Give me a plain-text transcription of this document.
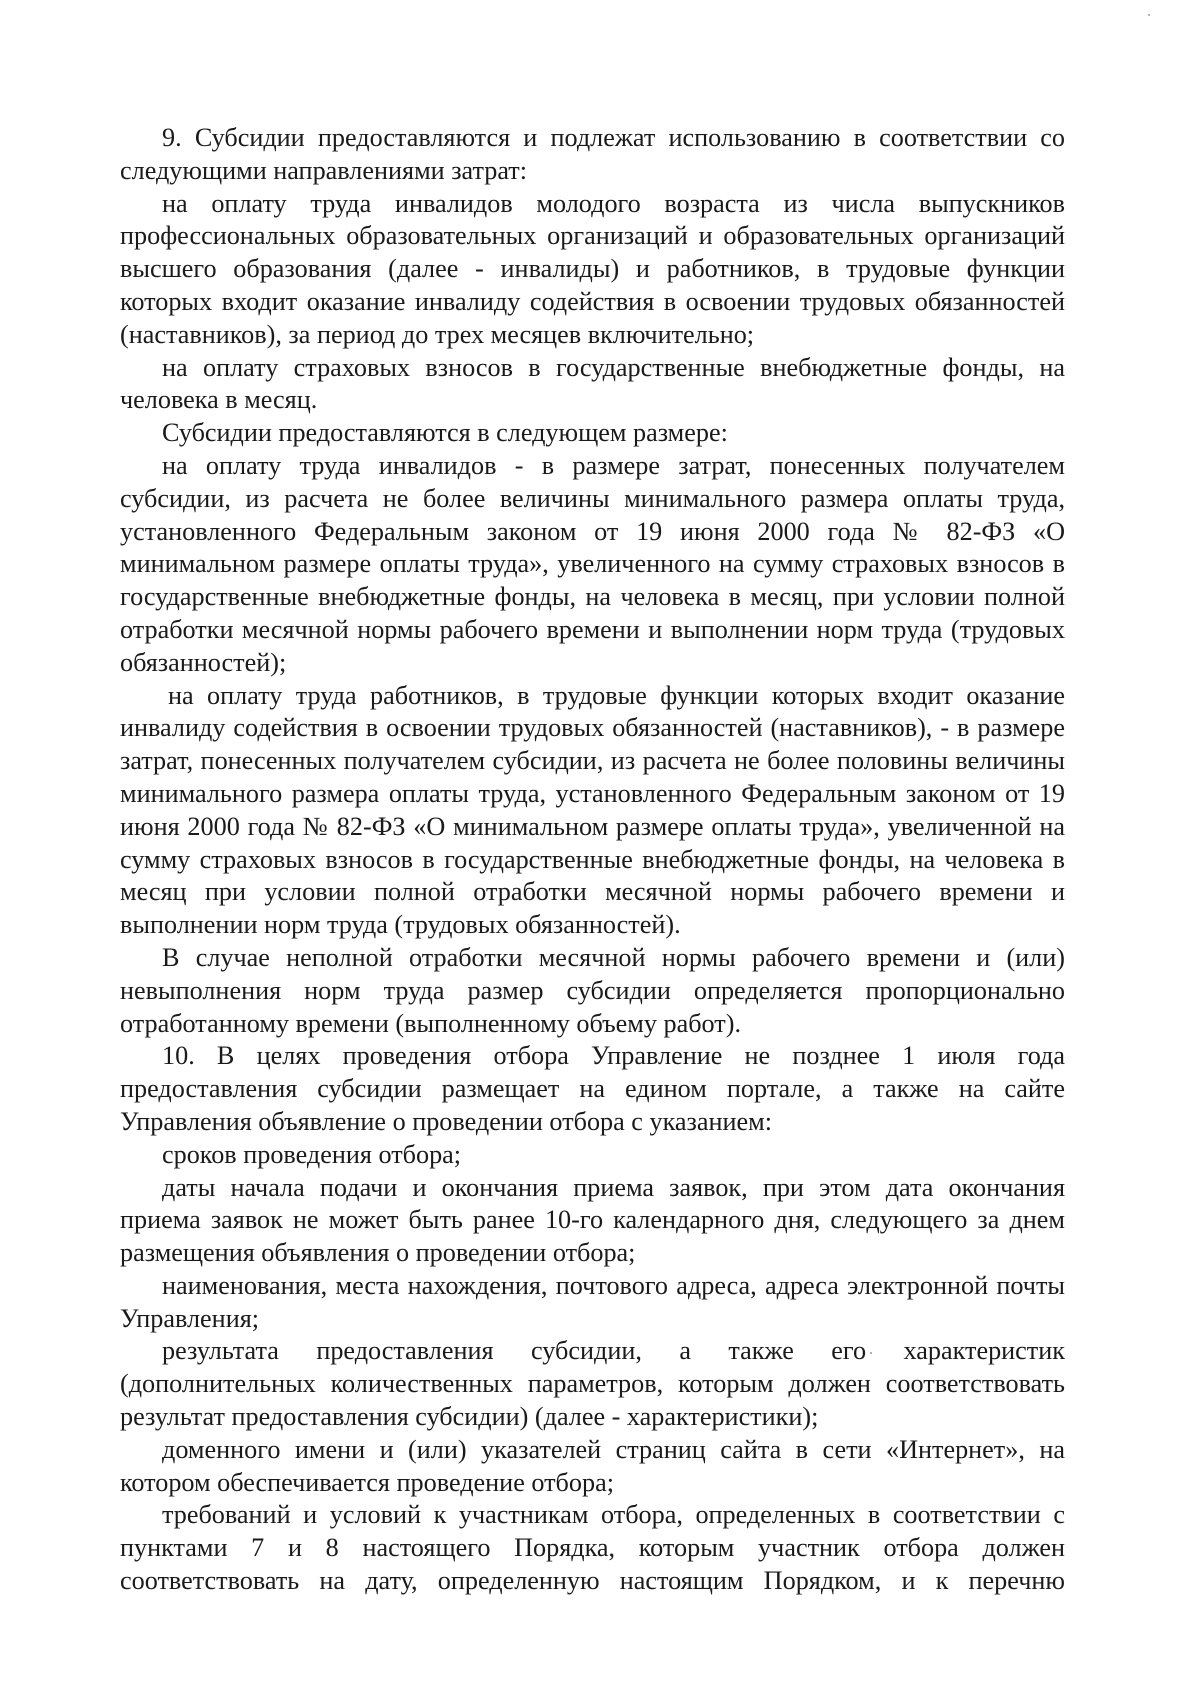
9. Субсидии предоставляются и подлежат использованию в соответствии со следующими направлениями затрат:

на оплату труда инвалидов молодого возраста из числа выпускников профессиональных образовательных организаций и образовательных организаций высшего образования (далее - инвалиды) и работников, в трудовые функции которых входит оказание инвалиду содействия в освоении трудовых обязанностей (наставников), за период до трех месяцев включительно;

на оплату страховых взносов в государственные внебюджетные фонды, на человека в месяц.

Субсидии предоставляются в следующем размере:

на оплату труда инвалидов - в размере затрат, понесенных получателем субсидии, из расчета не более величины минимального размера оплаты труда, установленного Федеральным законом от 19 июня 2000 года № 82-ФЗ «О минимальном размере оплаты труда», увеличенного на сумму страховых взносов в государственные внебюджетные фонды, на человека в месяц, при условии полной отработки месячной нормы рабочего времени и выполнении норм труда (трудовых обязанностей);

на оплату труда работников, в трудовые функции которых входит оказание инвалиду содействия в освоении трудовых обязанностей (наставников), - в размере затрат, понесенных получателем субсидии, из расчета не более половины величины минимального размера оплаты труда, установленного Федеральным законом от 19 июня 2000 года № 82-ФЗ «О минимальном размере оплаты труда», увеличенной на сумму страховых взносов в государственные внебюджетные фонды, на человека в месяц при условии полной отработки месячной нормы рабочего времени и выполнении норм труда (трудовых обязанностей).

В случае неполной отработки месячной нормы рабочего времени и (или) невыполнения норм труда размер субсидии определяется пропорционально отработанному времени (выполненному объему работ).

10. В целях проведения отбора Управление не позднее 1 июля года предоставления субсидии размещает на едином портале, а также на сайте Управления объявление о проведении отбора с указанием:

сроков проведения отбора;

даты начала подачи и окончания приема заявок, при этом дата окончания приема заявок не может быть ранее 10-го календарного дня, следующего за днем размещения объявления о проведении отбора;

наименования, места нахождения, почтового адреса, адреса электронной почты Управления;

результата предоставления субсидии, а также его характеристик (дополнительных количественных параметров, которым должен соответствовать результат предоставления субсидии) (далее - характеристики);

доменного имени и (или) указателей страниц сайта в сети «Интернет», на котором обеспечивается проведение отбора;

требований и условий к участникам отбора, определенных в соответствии с пунктами 7 и 8 настоящего Порядка, которым участник отбора должен соответствовать на дату, определенную настоящим Порядком, и к перечню
